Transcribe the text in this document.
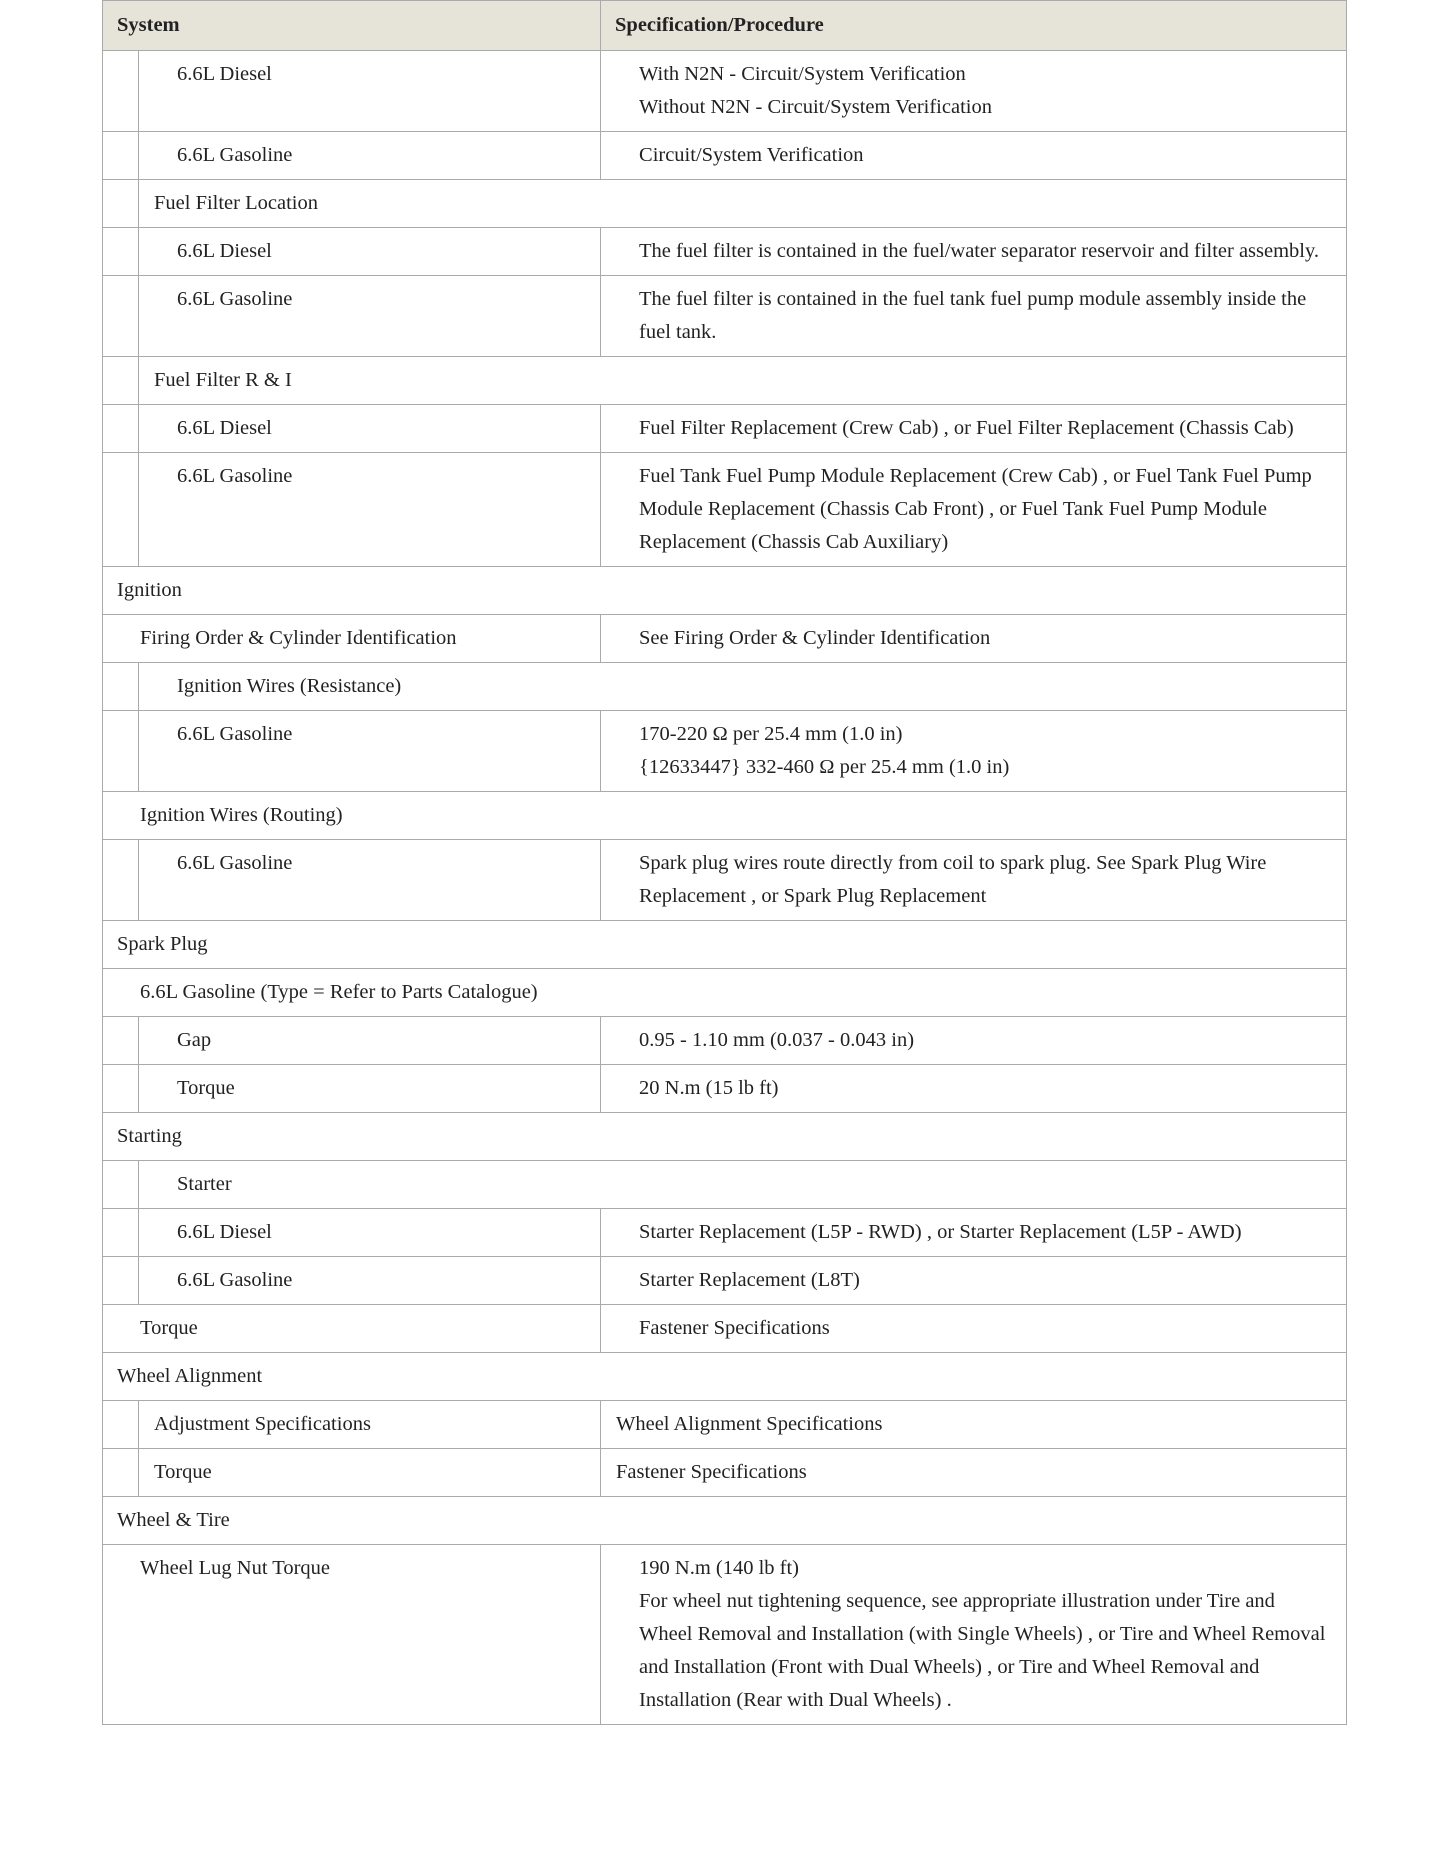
System		Specification/Procedure

	6.6L Diesel	With N2N - Circuit/System Verification
Without N2N - Circuit/System Verification

	6.6L Gasoline	Circuit/System Verification

	Fuel Filter Location	

	6.6L Diesel	The fuel filter is contained in the fuel/water separator reservoir and filter assembly.

	6.6L Gasoline	The fuel filter is contained in the fuel tank fuel pump module assembly inside the fuel tank.

	Fuel Filter R & I	

	6.6L Diesel	Fuel Filter Replacement (Crew Cab) , or Fuel Filter Replacement (Chassis Cab)

	6.6L Gasoline	Fuel Tank Fuel Pump Module Replacement (Crew Cab) , or Fuel Tank Fuel Pump Module Replacement (Chassis Cab Front) , or Fuel Tank Fuel Pump Module Replacement (Chassis Cab Auxiliary)

Ignition		

Firing Order & Cylinder Identification		See Firing Order & Cylinder Identification

	Ignition Wires (Resistance)	

	6.6L Gasoline	170-220 Ω per 25.4 mm (1.0 in)
{12633447} 332-460 Ω per 25.4 mm (1.0 in)

Ignition Wires (Routing)		

	6.6L Gasoline	Spark plug wires route directly from coil to spark plug. See Spark Plug Wire Replacement , or Spark Plug Replacement

Spark Plug		

6.6L Gasoline (Type = Refer to Parts Catalogue)		

	Gap	0.95 - 1.10 mm (0.037 - 0.043 in)

	Torque	20 N.m (15 lb ft)

Starting		

	Starter	

	6.6L Diesel	Starter Replacement (L5P - RWD) , or Starter Replacement (L5P - AWD)

	6.6L Gasoline	Starter Replacement (L8T)

Torque		Fastener Specifications

Wheel Alignment		

	Adjustment Specifications	Wheel Alignment Specifications

	Torque	Fastener Specifications

Wheel & Tire		

Wheel Lug Nut Torque		190 N.m (140 lb ft)
For wheel nut tightening sequence, see appropriate illustration under Tire and Wheel Removal and Installation (with Single Wheels) , or Tire and Wheel Removal and Installation (Front with Dual Wheels) , or Tire and Wheel Removal and Installation (Rear with Dual Wheels) .
